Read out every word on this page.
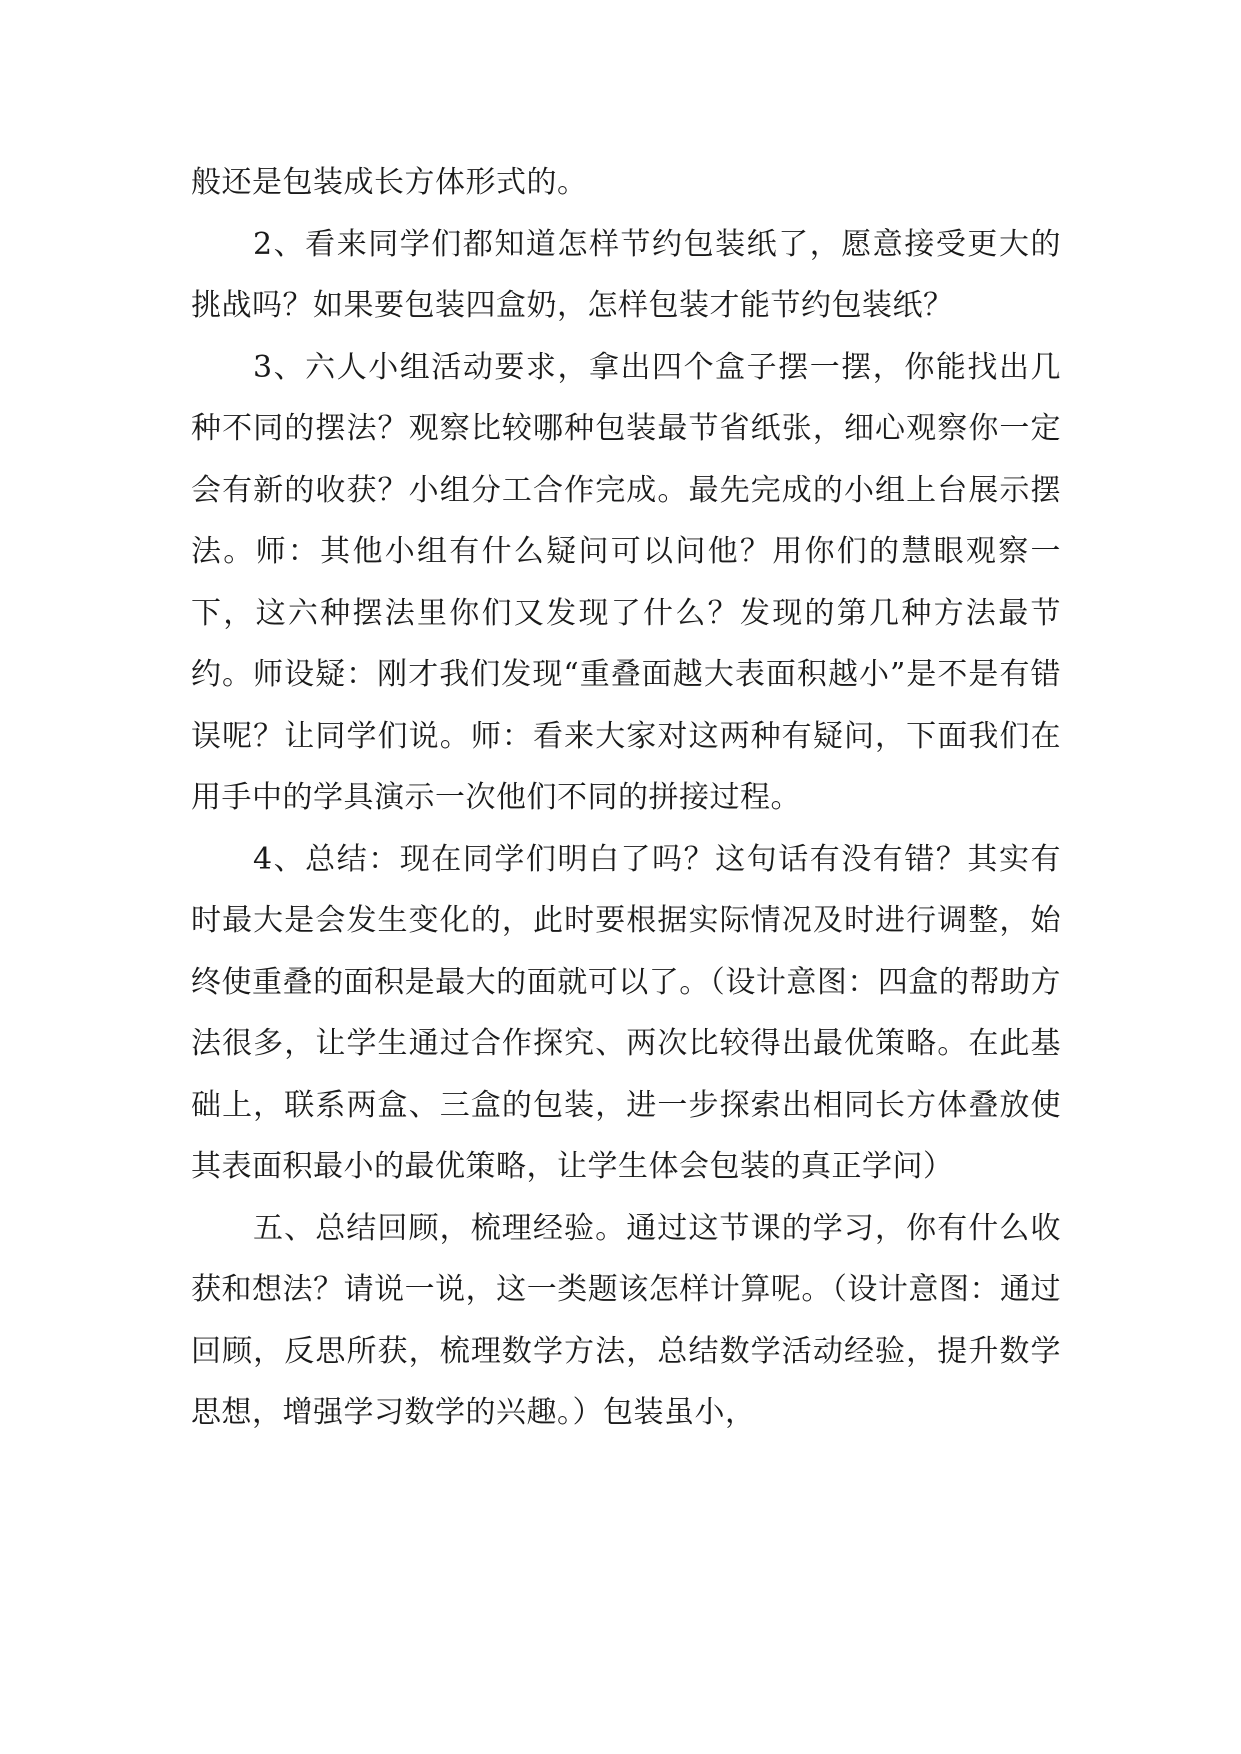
般还是包装成长方体形式的。

2、看来同学们都知道怎样节约包装纸了，愿意接受更大的挑战吗？如果要包装四盒奶，怎样包装才能节约包装纸？

3、六人小组活动要求，拿出四个盒子摆一摆，你能找出几种不同的摆法？观察比较哪种包装最节省纸张，细心观察你一定会有新的收获？小组分工合作完成。最先完成的小组上台展示摆法。师：其他小组有什么疑问可以问他？用你们的慧眼观察一下，这六种摆法里你们又发现了什么？发现的第几种方法最节约。师设疑：刚才我们发现“重叠面越大表面积越小”是不是有错误呢？让同学们说。师：看来大家对这两种有疑问，下面我们在用手中的学具演示一次他们不同的拼接过程。

4、总结：现在同学们明白了吗？这句话有没有错？其实有时最大是会发生变化的，此时要根据实际情况及时进行调整，始终使重叠的面积是最大的面就可以了。（设计意图：四盒的帮助方法很多，让学生通过合作探究、两次比较得出最优策略。在此基础上，联系两盒、三盒的包装，进一步探索出相同长方体叠放使其表面积最小的最优策略，让学生体会包装的真正学问）

五、总结回顾，梳理经验。通过这节课的学习，你有什么收获和想法？请说一说，这一类题该怎样计算呢。（设计意图：通过回顾，反思所获，梳理数学方法，总结数学活动经验，提升数学思想，增强学习数学的兴趣。）包装虽小，
